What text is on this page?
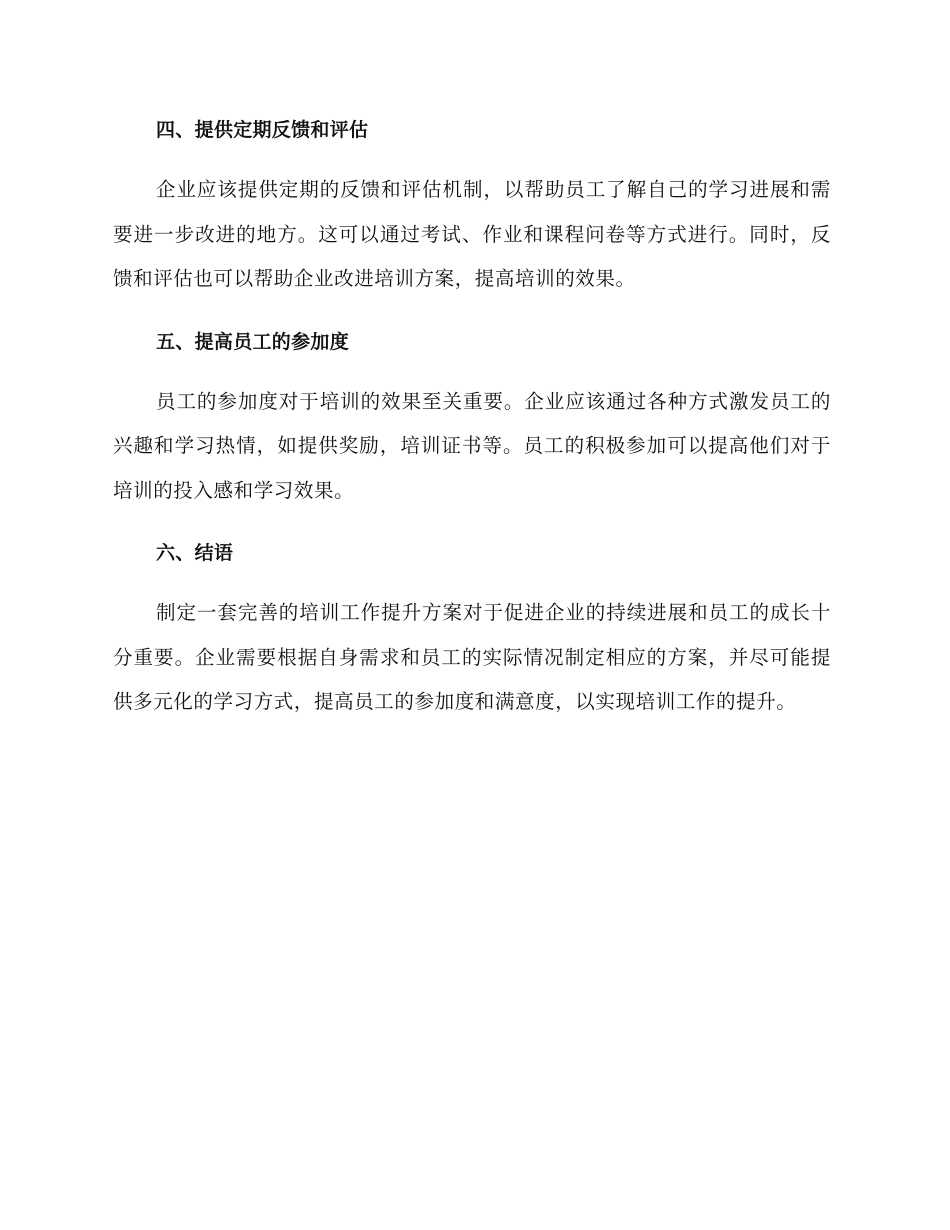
四、提供定期反馈和评估

企业应该提供定期的反馈和评估机制，以帮助员工了解自己的学习进展和需要进一步改进的地方。这可以通过考试、作业和课程问卷等方式进行。同时，反馈和评估也可以帮助企业改进培训方案，提高培训的效果。

五、提高员工的参加度

员工的参加度对于培训的效果至关重要。企业应该通过各种方式激发员工的兴趣和学习热情，如提供奖励，培训证书等。员工的积极参加可以提高他们对于培训的投入感和学习效果。

六、结语

制定一套完善的培训工作提升方案对于促进企业的持续进展和员工的成长十分重要。企业需要根据自身需求和员工的实际情况制定相应的方案，并尽可能提供多元化的学习方式，提高员工的参加度和满意度，以实现培训工作的提升。
